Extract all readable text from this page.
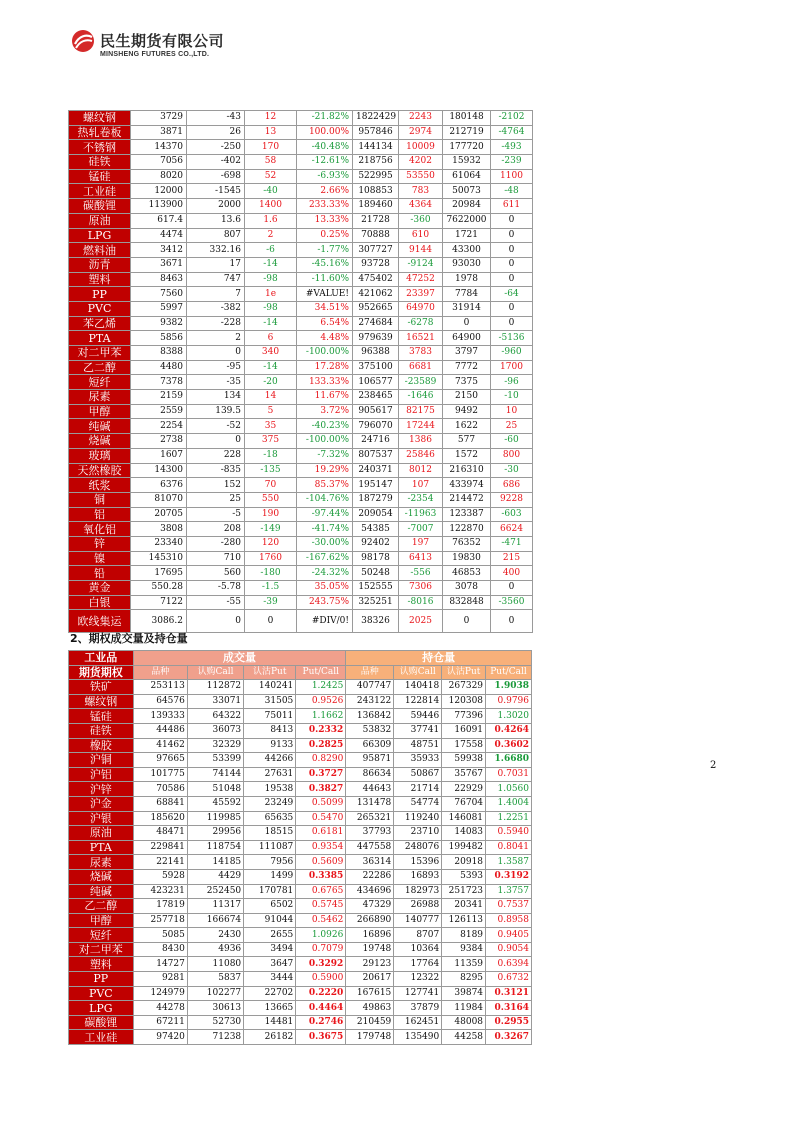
民生期货有限公司
MINSHENG FUTURES CO.,LTD.
螺纹钢	3729	-43	12	-21.82%	1822429	2243	180148	-2102
热轧卷板	3871	26	13	100.00%	957846	2974	212719	-4764
不锈钢	14370	-250	170	-40.48%	144134	10009	177720	-493
硅铁	7056	-402	58	-12.61%	218756	4202	15932	-239
锰硅	8020	-698	52	-6.93%	522995	53550	61064	1100
工业硅	12000	-1545	-40	2.66%	108853	783	50073	-48
碳酸锂	113900	2000	1400	233.33%	189460	4364	20984	611
原油	617.4	13.6	1.6	13.33%	21728	-360	7622000	0
LPG	4474	807	2	0.25%	70888	610	1721	0
燃料油	3412	332.16	-6	-1.77%	307727	9144	43300	0
沥青	3671	17	-14	-45.16%	93728	-9124	93030	0
塑料	8463	747	-98	-11.60%	475402	47252	1978	0
PP	7560	7	1e	#VALUE!	421062	23397	7784	-64
PVC	5997	-382	-98	34.51%	952665	64970	31914	0
苯乙烯	9382	-228	-14	6.54%	274684	-6278	0	0
PTA	5856	2	6	4.48%	979639	16521	64900	-5136
对二甲苯	8388	0	340	-100.00%	96388	3783	3797	-960
乙二醇	4480	-95	-14	17.28%	375100	6681	7772	1700
短纤	7378	-35	-20	133.33%	106577	-23589	7375	-96
尿素	2159	134	14	11.67%	238465	-1646	2150	-10
甲醇	2559	139.5	5	3.72%	905617	82175	9492	10
纯碱	2254	-52	35	-40.23%	796070	17244	1622	25
烧碱	2738	0	375	-100.00%	24716	1386	577	-60
玻璃	1607	228	-18	-7.32%	807537	25846	1572	800
天然橡胶	14300	-835	-135	19.29%	240371	8012	216310	-30
纸浆	6376	152	70	85.37%	195147	107	433974	686
铜	81070	25	550	-104.76%	187279	-2354	214472	9228
铝	20705	-5	190	-97.44%	209054	-11963	123387	-603
氧化铝	3808	208	-149	-41.74%	54385	-7007	122870	6624
锌	23340	-280	120	-30.00%	92402	197	76352	-471
镍	145310	710	1760	-167.62%	98178	6413	19830	215
铅	17695	560	-180	-24.32%	50248	-556	46853	400
黄金	550.28	-5.78	-1.5	35.05%	152555	7306	3078	0
白银	7122	-55	-39	243.75%	325251	-8016	832848	-3560
欧线集运	3086.2	0	0	#DIV/0!	38326	2025	0	0
2、期权成交量及持仓量
工业品	成交量				持仓量			
期货期权	品种	认购Call	认沽Put	Put/Call	品种	认购Call	认沽Put	Put/Call
铁矿	253113	112872	140241	1.2425	407747	140418	267329	1.9038
螺纹钢	64576	33071	31505	0.9526	243122	122814	120308	0.9796
锰硅	139333	64322	75011	1.1662	136842	59446	77396	1.3020
硅铁	44486	36073	8413	0.2332	53832	37741	16091	0.4264
橡胶	41462	32329	9133	0.2825	66309	48751	17558	0.3602
沪铜	97665	53399	44266	0.8290	95871	35933	59938	1.6680
沪铝	101775	74144	27631	0.3727	86634	50867	35767	0.7031
沪锌	70586	51048	19538	0.3827	44643	21714	22929	1.0560
沪金	68841	45592	23249	0.5099	131478	54774	76704	1.4004
沪银	185620	119985	65635	0.5470	265321	119240	146081	1.2251
原油	48471	29956	18515	0.6181	37793	23710	14083	0.5940
PTA	229841	118754	111087	0.9354	447558	248076	199482	0.8041
尿素	22141	14185	7956	0.5609	36314	15396	20918	1.3587
烧碱	5928	4429	1499	0.3385	22286	16893	5393	0.3192
纯碱	423231	252450	170781	0.6765	434696	182973	251723	1.3757
乙二醇	17819	11317	6502	0.5745	47329	26988	20341	0.7537
甲醇	257718	166674	91044	0.5462	266890	140777	126113	0.8958
短纤	5085	2430	2655	1.0926	16896	8707	8189	0.9405
对二甲苯	8430	4936	3494	0.7079	19748	10364	9384	0.9054
塑料	14727	11080	3647	0.3292	29123	17764	11359	0.6394
PP	9281	5837	3444	0.5900	20617	12322	8295	0.6732
PVC	124979	102277	22702	0.2220	167615	127741	39874	0.3121
LPG	44278	30613	13665	0.4464	49863	37879	11984	0.3164
碳酸锂	67211	52730	14481	0.2746	210459	162451	48008	0.2955
工业硅	97420	71238	26182	0.3675	179748	135490	44258	0.3267
2
